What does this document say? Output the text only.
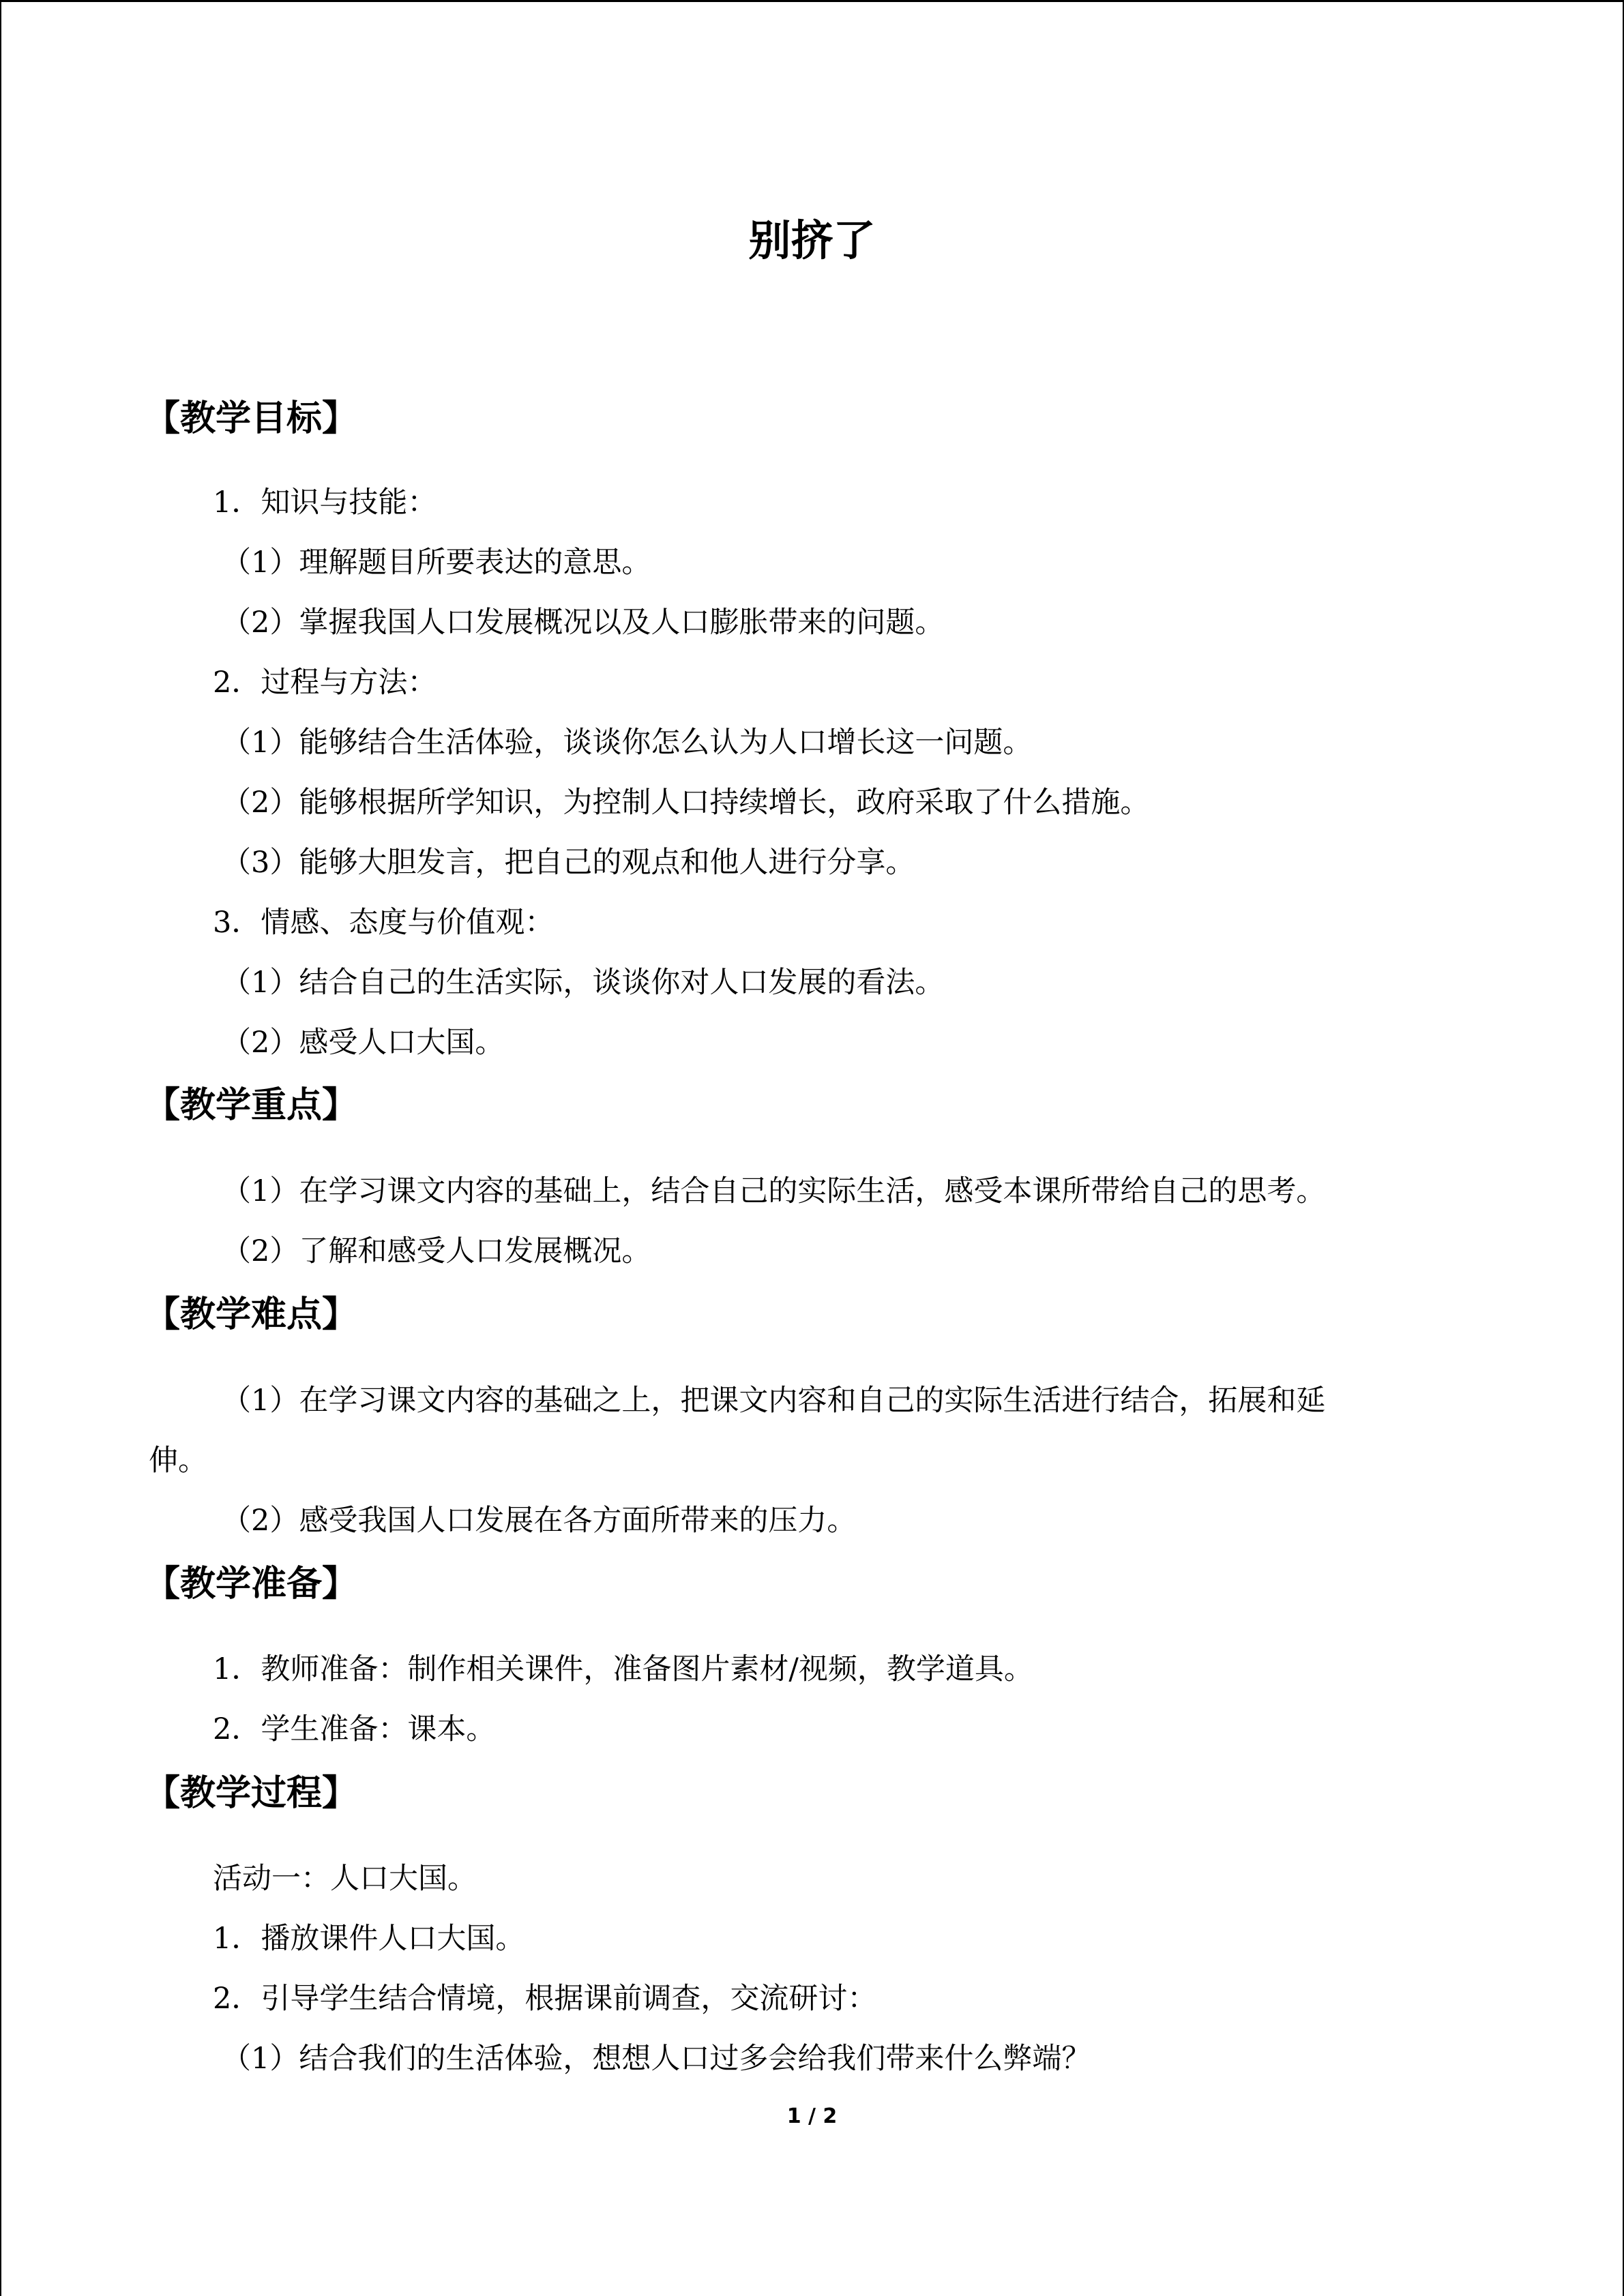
别挤了
【教学目标】
1．知识与技能：
（1）理解题目所要表达的意思。
（2）掌握我国人口发展概况以及人口膨胀带来的问题。
2．过程与方法：
（1）能够结合生活体验，谈谈你怎么认为人口增长这一问题。
（2）能够根据所学知识，为控制人口持续增长，政府采取了什么措施。
（3）能够大胆发言，把自己的观点和他人进行分享。
3．情感、态度与价值观：
（1）结合自己的生活实际，谈谈你对人口发展的看法。
（2）感受人口大国。
【教学重点】
（1）在学习课文内容的基础上，结合自己的实际生活，感受本课所带给自己的思考。
（2）了解和感受人口发展概况。
【教学难点】
（1）在学习课文内容的基础之上，把课文内容和自己的实际生活进行结合，拓展和延
伸。
（2）感受我国人口发展在各方面所带来的压力。
【教学准备】
1．教师准备：制作相关课件，准备图片素材/视频，教学道具。
2．学生准备：课本。
【教学过程】
活动一：人口大国。
1．播放课件人口大国。
2．引导学生结合情境，根据课前调查，交流研讨：
（1）结合我们的生活体验，想想人口过多会给我们带来什么弊端？
1 / 2
